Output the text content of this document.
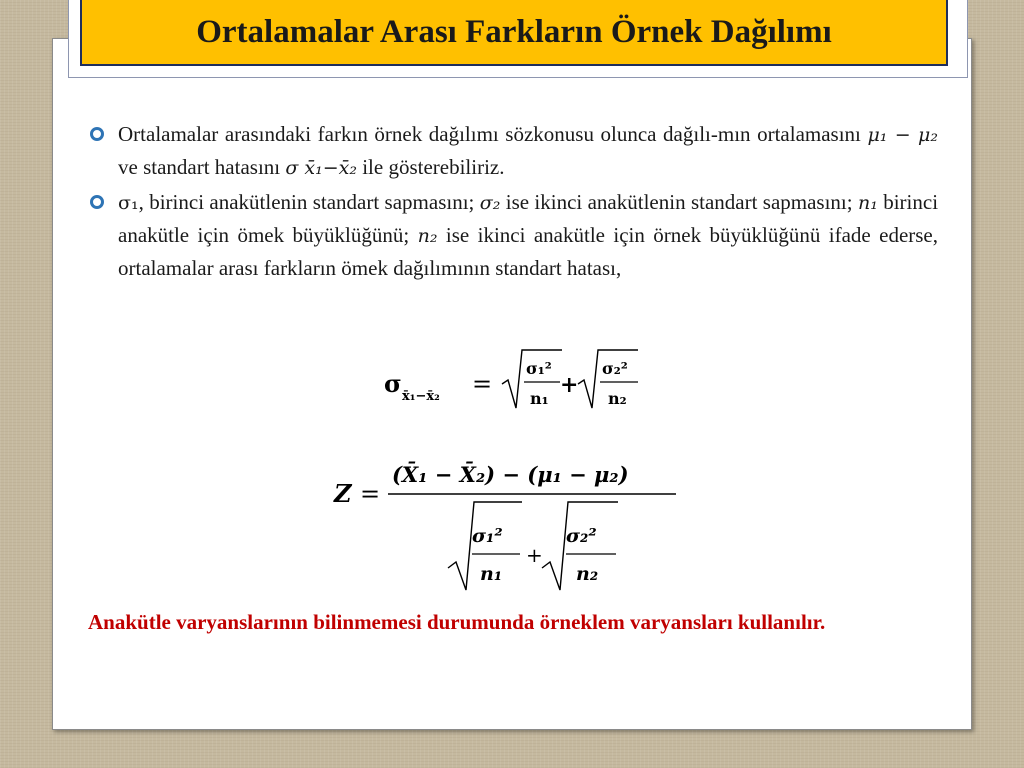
Ortalamalar Arası Farkların Örnek Dağılımı
Ortalamalar arasındaki farkın örnek dağılımı sözkonusu olunca dağılı-mın ortalamasını μ₁ − μ₂ ve standart hatasını σ x̄₁−x̄₂ ile gösterebiliriz.
σ₁, birinci anakütlenin standart sapmasını; σ₂ ise ikinci anakütlenin standart sapmasını; n₁ birinci anakütle için ömek büyüklüğünü; n₂ ise ikinci anakütle için örnek büyüklüğünü ifade ederse, ortalamalar arası farkların ömek dağılımının standart hatası,
σ x̄₁−x̄₂ =
σ₁²
n₁
+
σ₂²
n₂
Z =
(X̄₁ − X̄₂) − (μ₁ − μ₂)
σ₁²
n₁
+
σ₂²
n₂
Anakütle varyanslarının bilinmemesi durumunda örneklem varyansları kullanılır.
